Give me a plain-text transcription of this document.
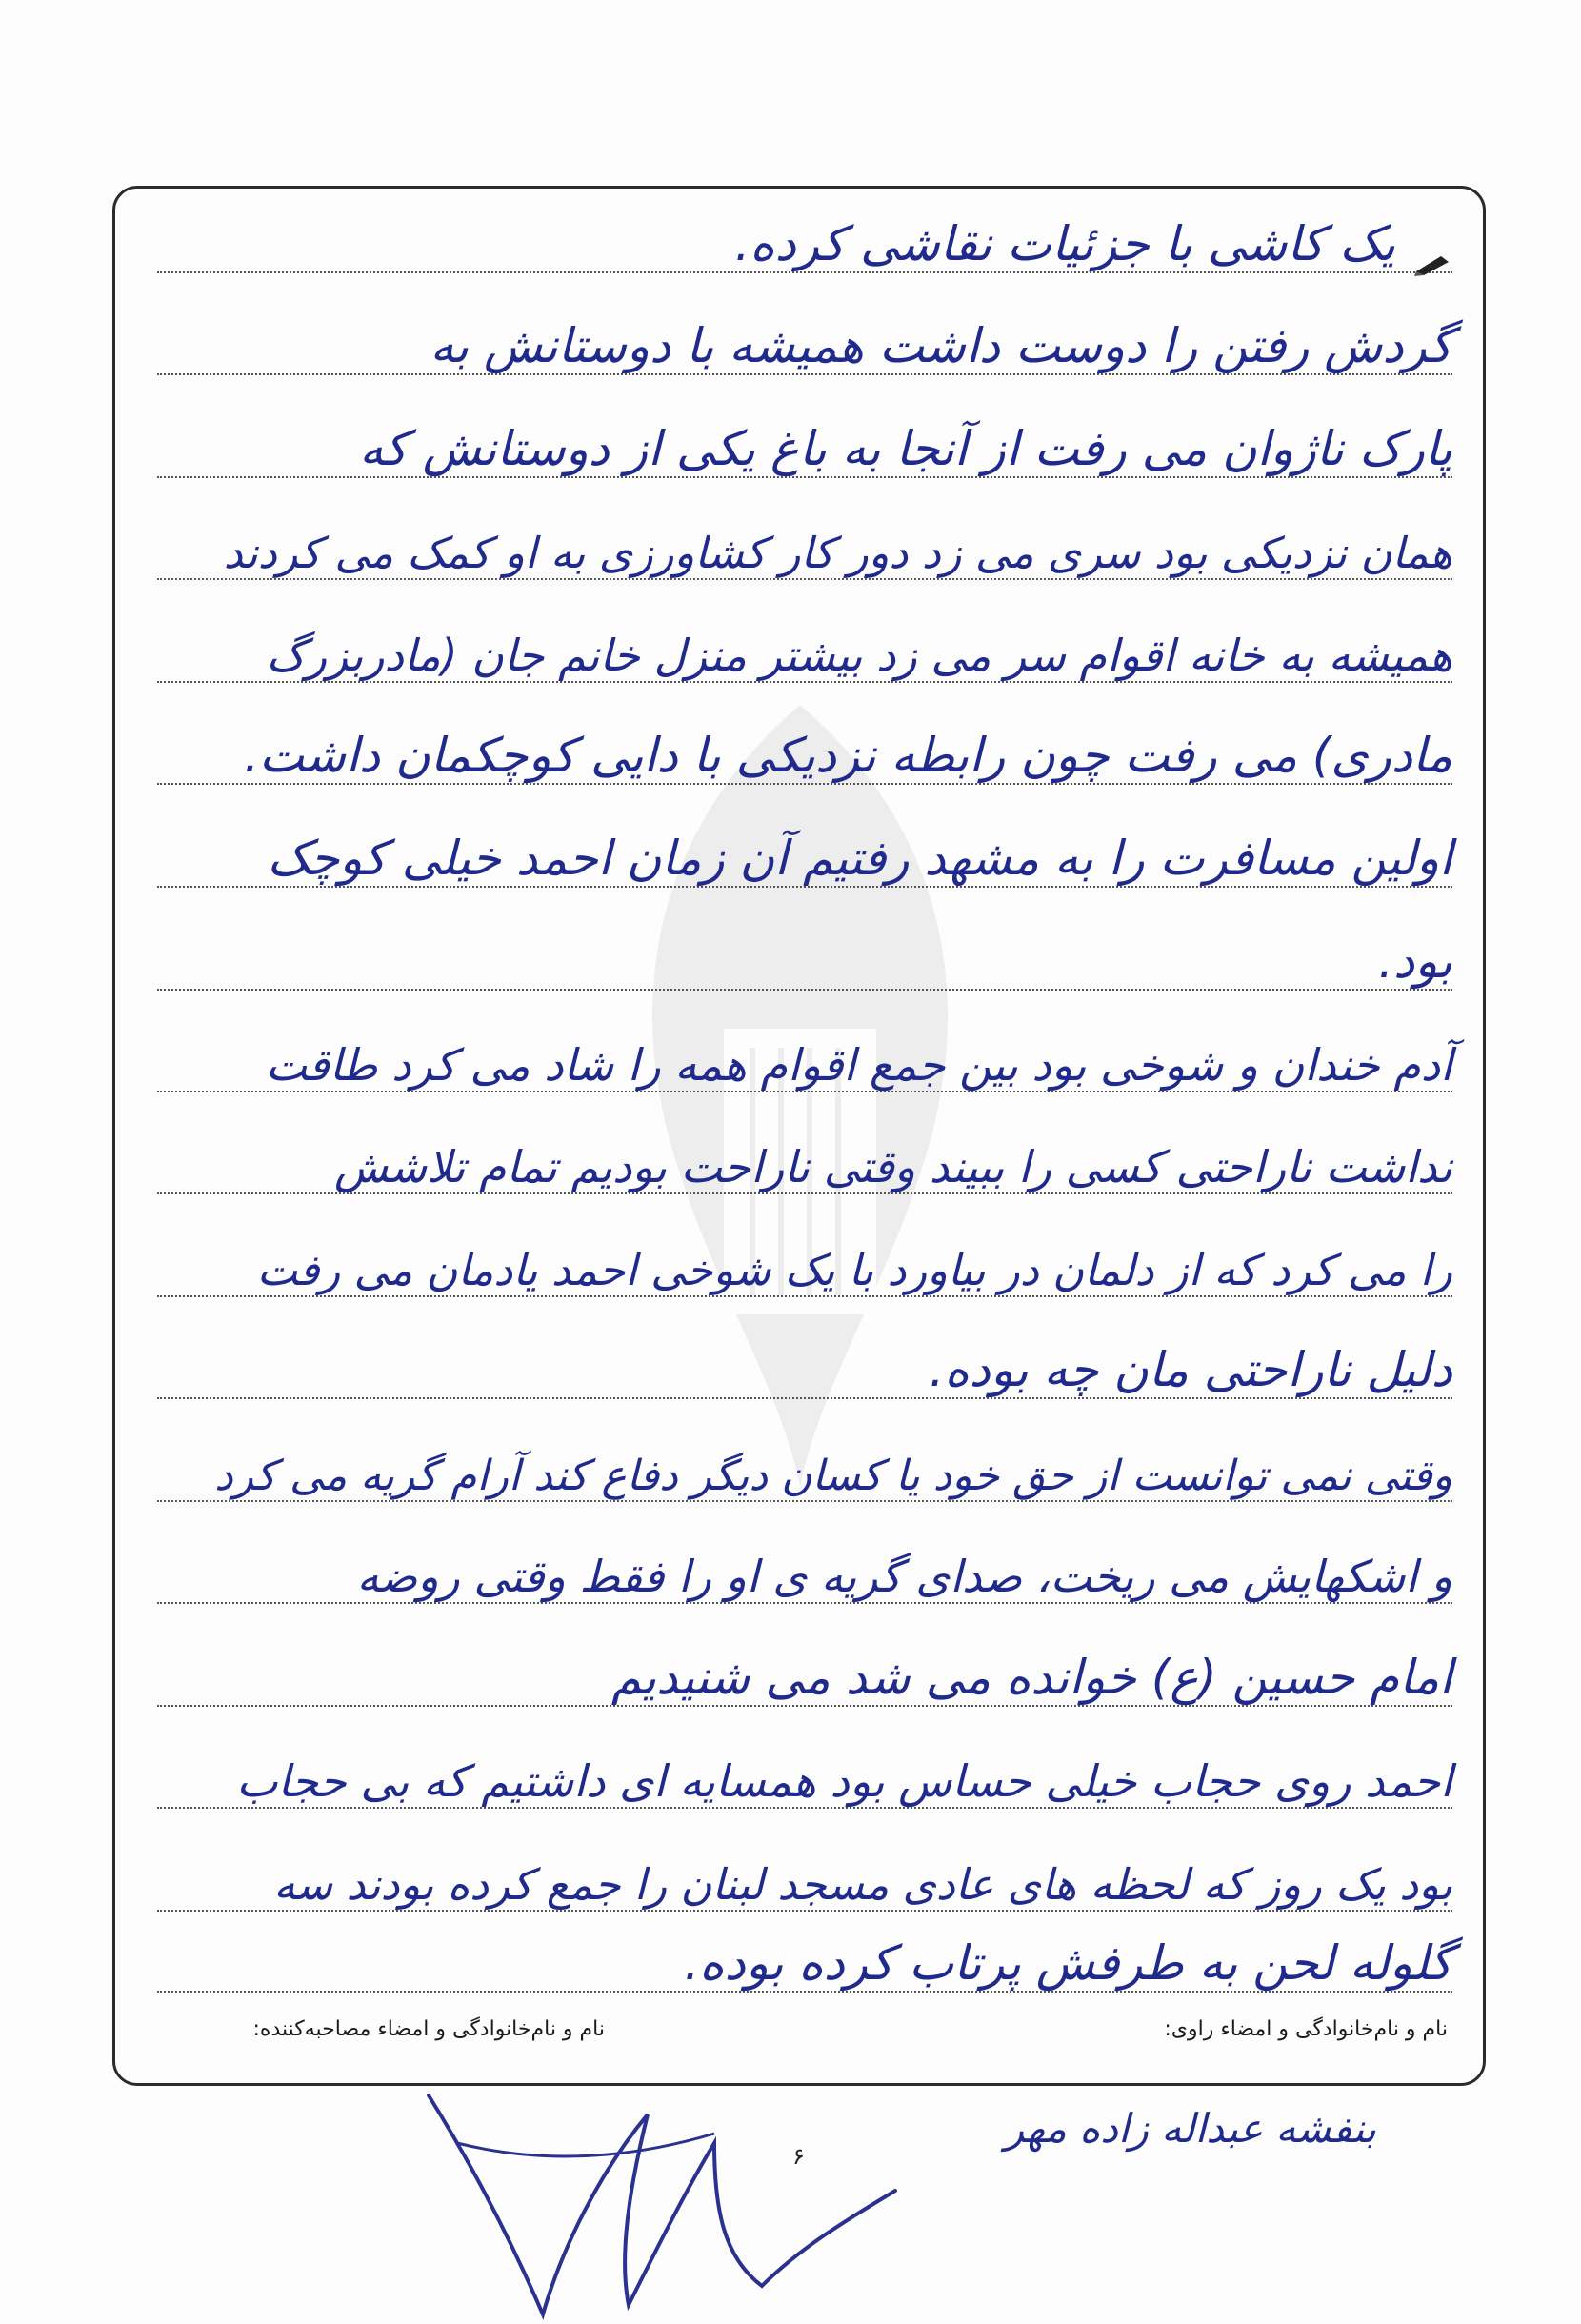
یک کاشی با جزئیات نقاشی کرده.
گردش رفتن را دوست داشت همیشه با دوستانش به
پارک ناژوان می رفت از آنجا به باغ یکی از دوستانش که
همان نزدیکی بود سری می زد دور کار کشاورزی به او کمک می کردند
همیشه به خانه اقوام سر می زد بیشتر منزل خانم جان (مادربزرگ
مادری) می رفت چون رابطه نزدیکی با دایی کوچکمان داشت.
اولین مسافرت را به مشهد رفتیم آن زمان احمد خیلی کوچک
بود.
آدم خندان و شوخی بود بین جمع اقوام همه را شاد می کرد طاقت
نداشت ناراحتی کسی را ببیند وقتی ناراحت بودیم تمام تلاشش
را می کرد که از دلمان در بیاورد با یک شوخی احمد یادمان می رفت
دلیل ناراحتی مان چه بوده.
وقتی نمی توانست از حق خود یا کسان دیگر دفاع کند آرام گریه می کرد
و اشکهایش می ریخت، صدای گریه ی او را فقط وقتی روضه
امام حسین (ع) خوانده می شد می شنیدیم
احمد روی حجاب خیلی حساس بود همسایه ای داشتیم که بی حجاب
بود یک روز که لحظه های عادی مسجد لبنان را جمع کرده بودند سه
گلوله لحن به طرفش پرتاب کرده بوده.
نام و نام‌خانوادگی و امضاء مصاحبه‌کننده:	نام و نام‌خانوادگی و امضاء راوی:
۶
بنفشه عبداله زاده مهر
